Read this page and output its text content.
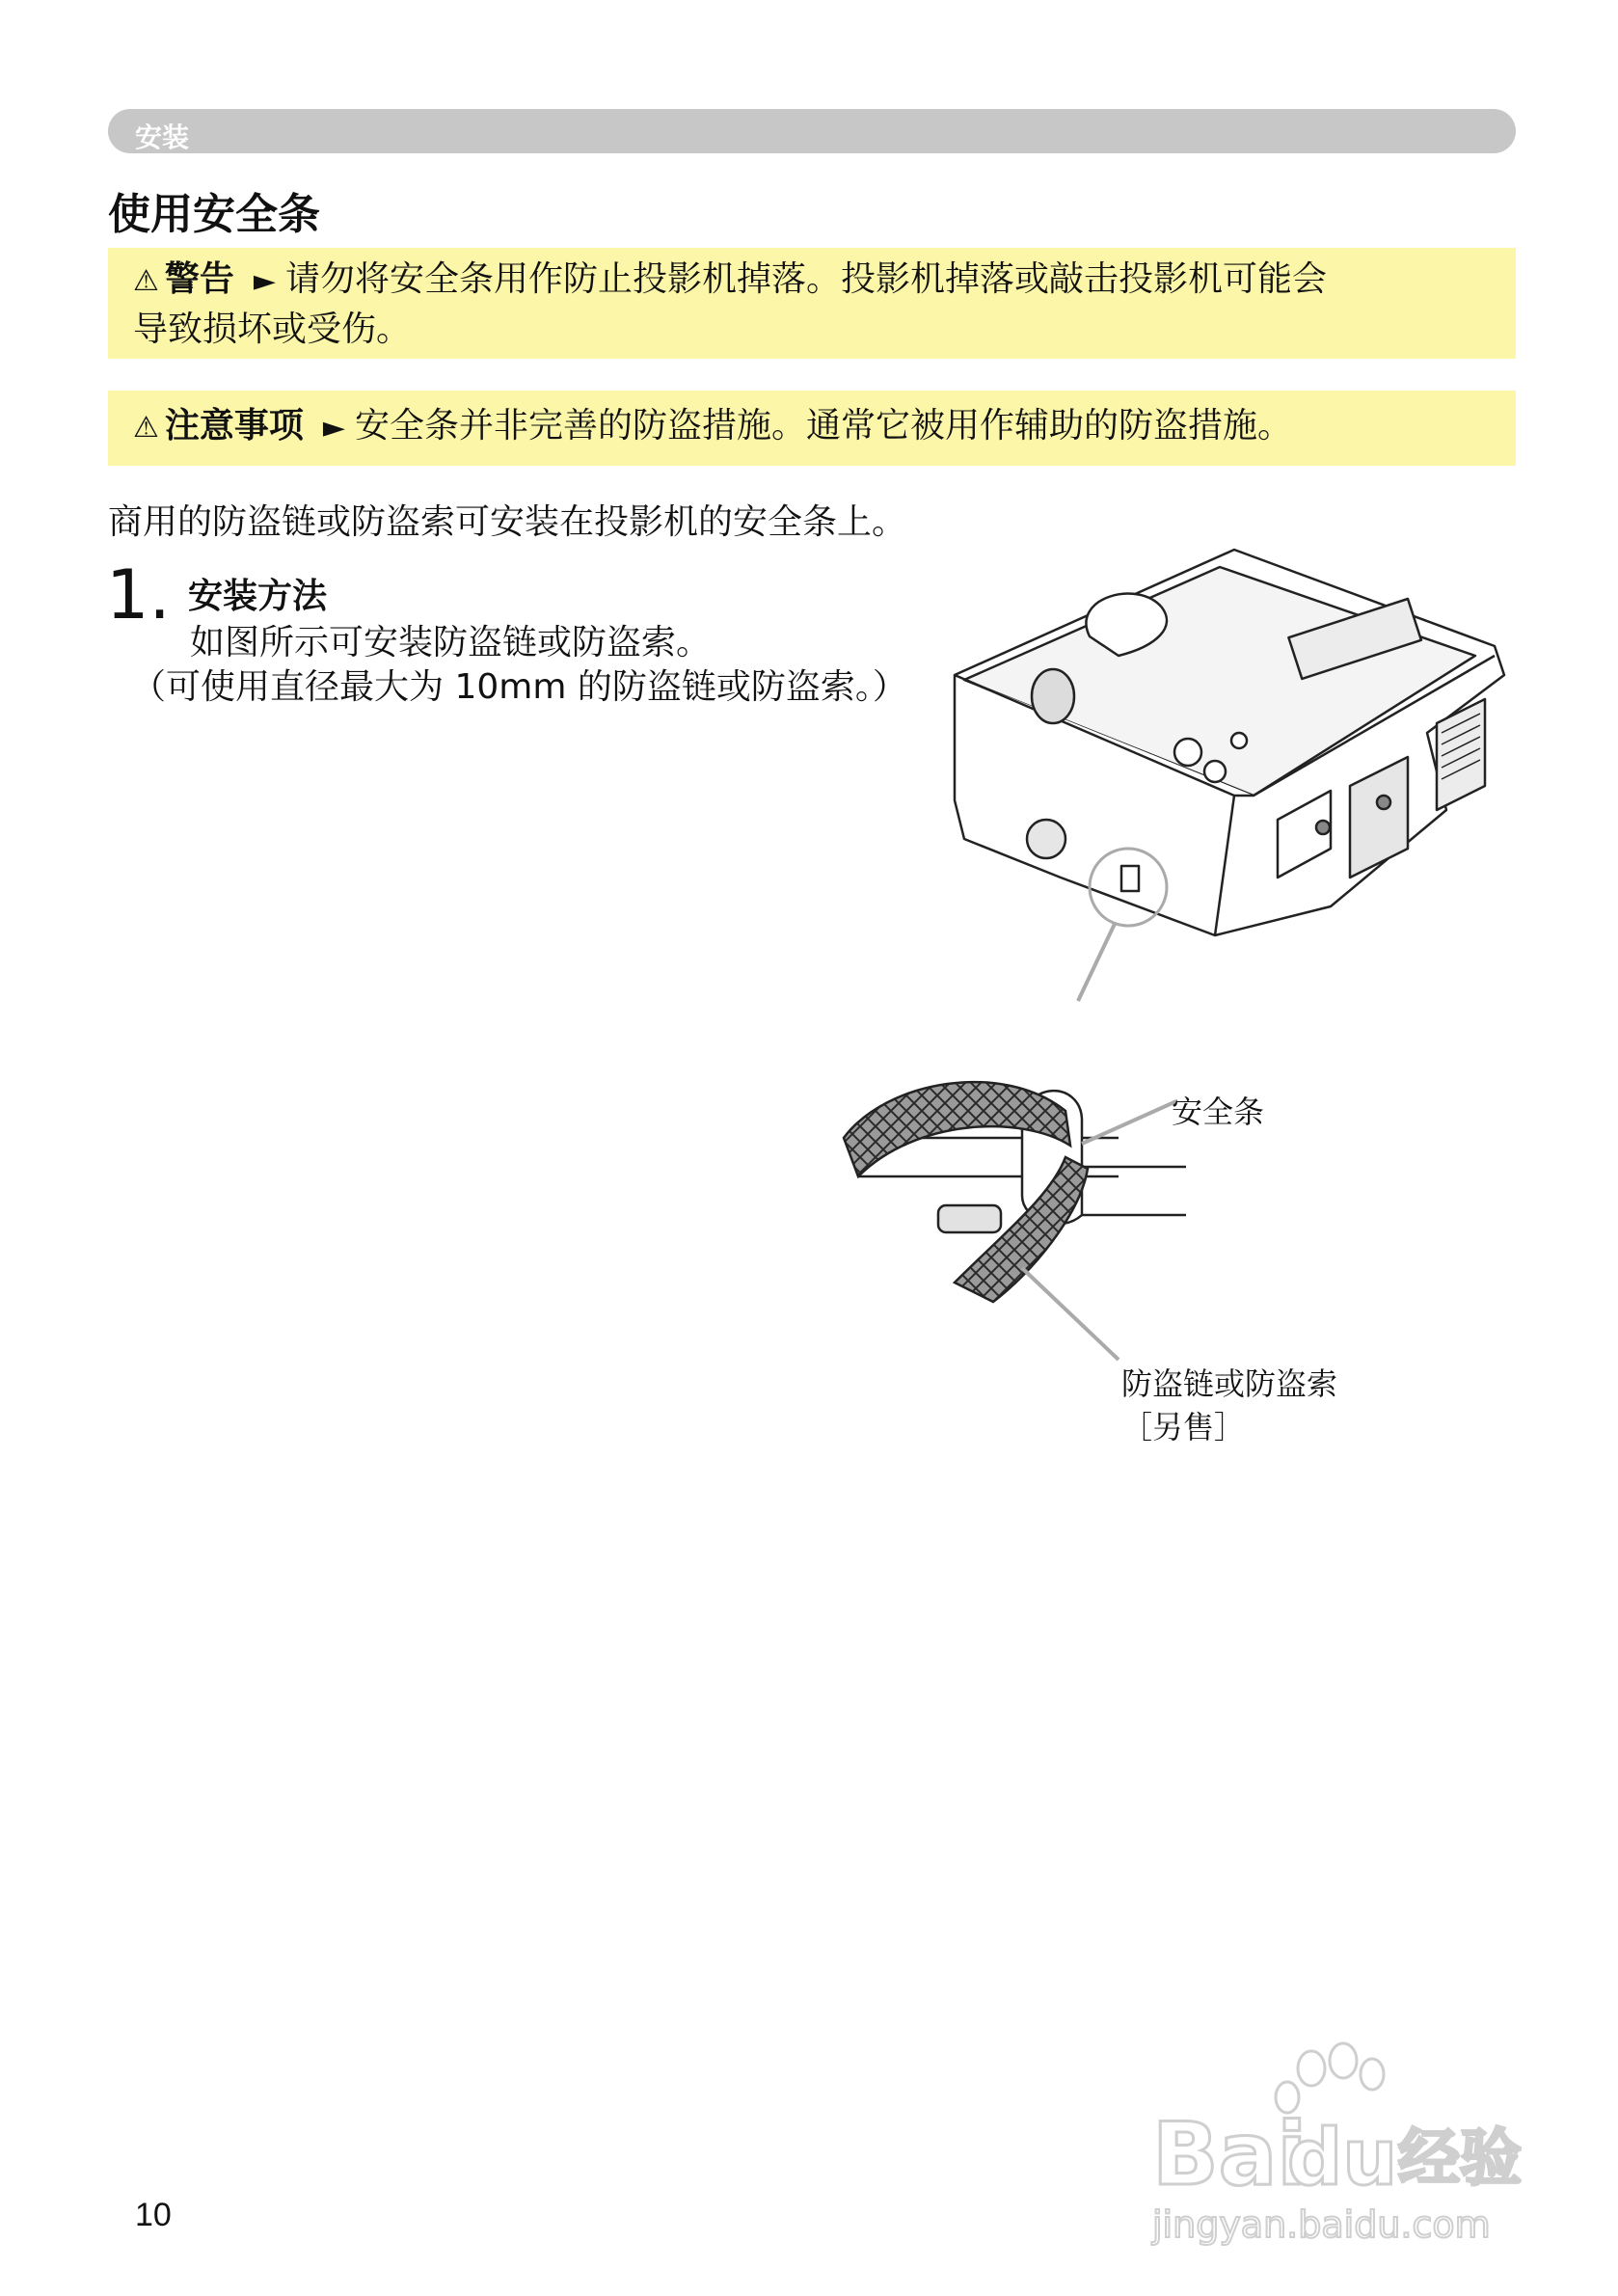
安装
使用安全条
⚠ 警告 ► 请勿将安全条用作防止投影机掉落。投影机掉落或敲击投影机可能会
导致损坏或受伤。
⚠ 注意事项 ► 安全条并非完善的防盗措施。通常它被用作辅助的防盗措施。

商用的防盗链或防盗索可安装在投影机的安全条上。

1. 安装方法

如图所示可安装防盗链或防盗索。

（可使用直径最大为 10mm 的防盗链或防盗索。）

安全条

防盗链或防盗索

［另售］

10
Bai
du 经验
jingyan.baidu.com
